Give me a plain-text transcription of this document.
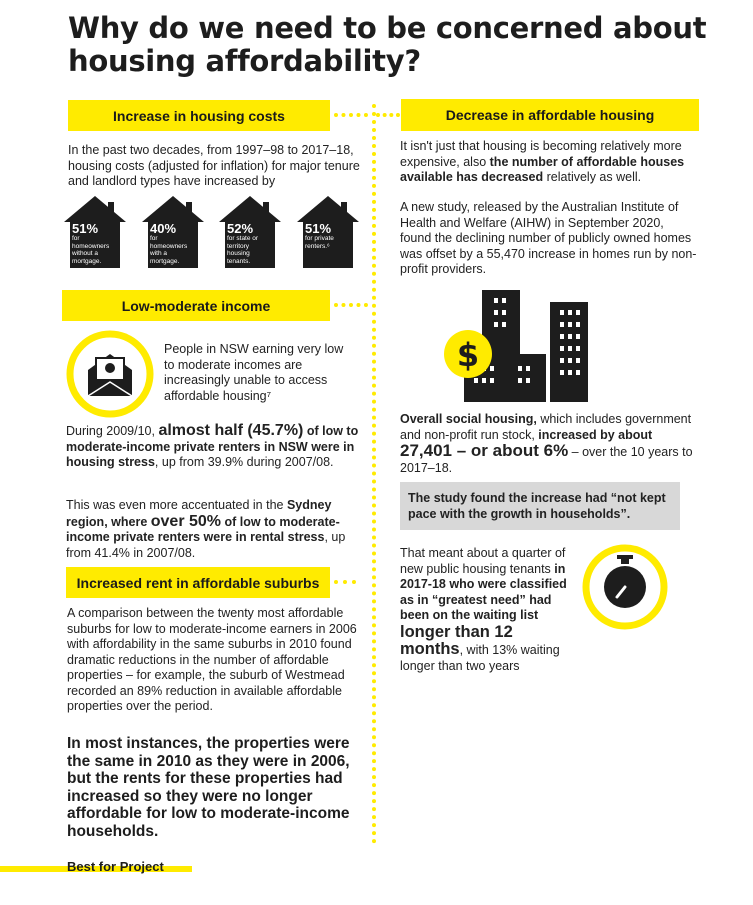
Why do we need to be concerned about housing affordability?
Increase in housing costs
In the past two decades, from 1997–98 to 2017–18, housing costs (adjusted for inflation) for major tenure and landlord types have increased by
51%
for homeowners without a mortgage.
40%
for homeowners with a mortgage.
52%
for state or territory housing tenants.
51%
for private renters.⁶
Low-moderate income
People in NSW earning very low to moderate incomes are increasingly unable to access affordable housing⁷
During 2009/10, almost half (45.7%) of low to moderate-income private renters in NSW were in housing stress, up from 39.9% during 2007/08.
This was even more accentuated in the Sydney region, where over 50% of low to moderate-income private renters were in rental stress, up from 41.4% in 2007/08.
Increased rent in affordable suburbs
A comparison between the twenty most affordable suburbs for low to moderate-income earners in 2006 with affordability in the same suburbs in 2010 found dramatic reductions in the number of affordable properties – for example, the suburb of Westmead recorded an 89% reduction in available affordable properties over the period.
In most instances, the properties were the same in 2010 as they were in 2006, but the rents for these properties had increased so they were no longer affordable for low to moderate-income households.
Decrease in affordable housing
It isn't just that housing is becoming relatively more expensive, also the number of affordable houses available has decreased relatively as well.
A new study, released by the Australian Institute of Health and Welfare (AIHW) in September 2020, found the declining number of publicly owned homes was offset by a 55,470 increase in homes run by non-profit providers.
$
Overall social housing, which includes government and non-profit run stock, increased by about
27,401 – or about 6% – over the 10 years to 2017–18.
The study found the increase had “not kept pace with the growth in households”.
That meant about a quarter of new public housing tenants in 2017-18 who were classified as in “greatest need” had been on the waiting list longer than 12 months, with 13% waiting longer than two years
Best for Project
